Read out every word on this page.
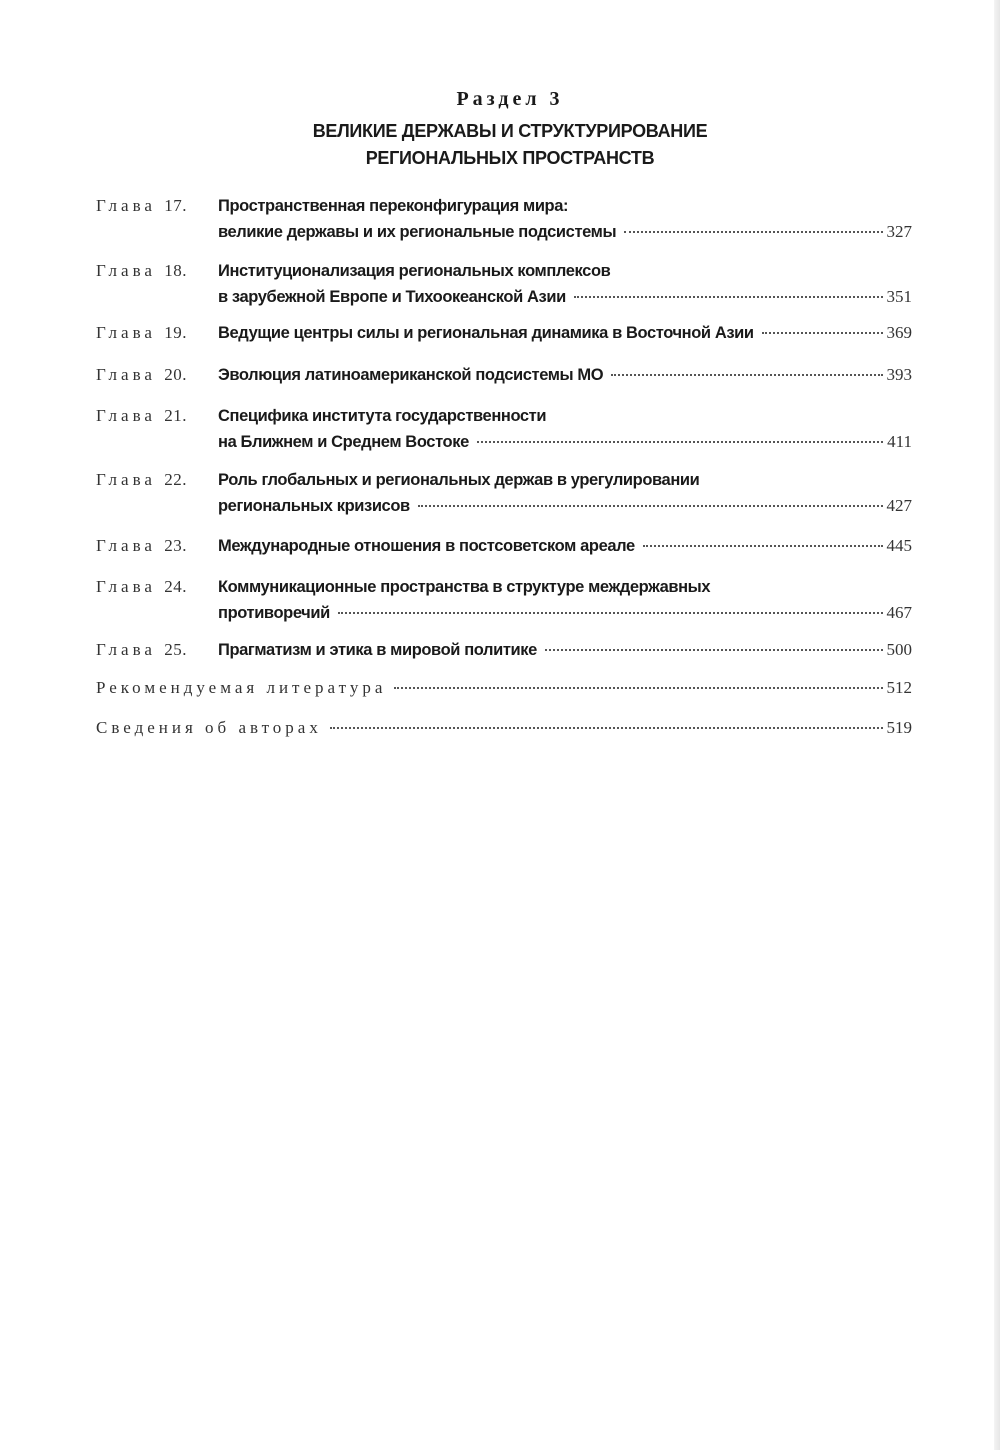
Раздел 3
ВЕЛИКИЕ ДЕРЖАВЫ И СТРУКТУРИРОВАНИЕ
РЕГИОНАЛЬНЫХ ПРОСТРАНСТВ
Глава 17. Пространственная переконфигурация мира:
великие державы и их региональные подсистемы	327
Глава 18. Институционализация региональных комплексов
в зарубежной Европе и Тихоокеанской Азии	351
Глава 19. Ведущие центры силы и региональная динамика в Восточной Азии	369
Глава 20. Эволюция латиноамериканской подсистемы МО	393
Глава 21. Специфика института государственности
на Ближнем и Среднем Востоке	411
Глава 22. Роль глобальных и региональных держав в урегулировании
региональных кризисов	427
Глава 23. Международные отношения в постсоветском ареале	445
Глава 24. Коммуникационные пространства в структуре междержавных
противоречий	467
Глава 25. Прагматизм и этика в мировой политике	500
Рекомендуемая литература	512
Сведения об авторах	519
